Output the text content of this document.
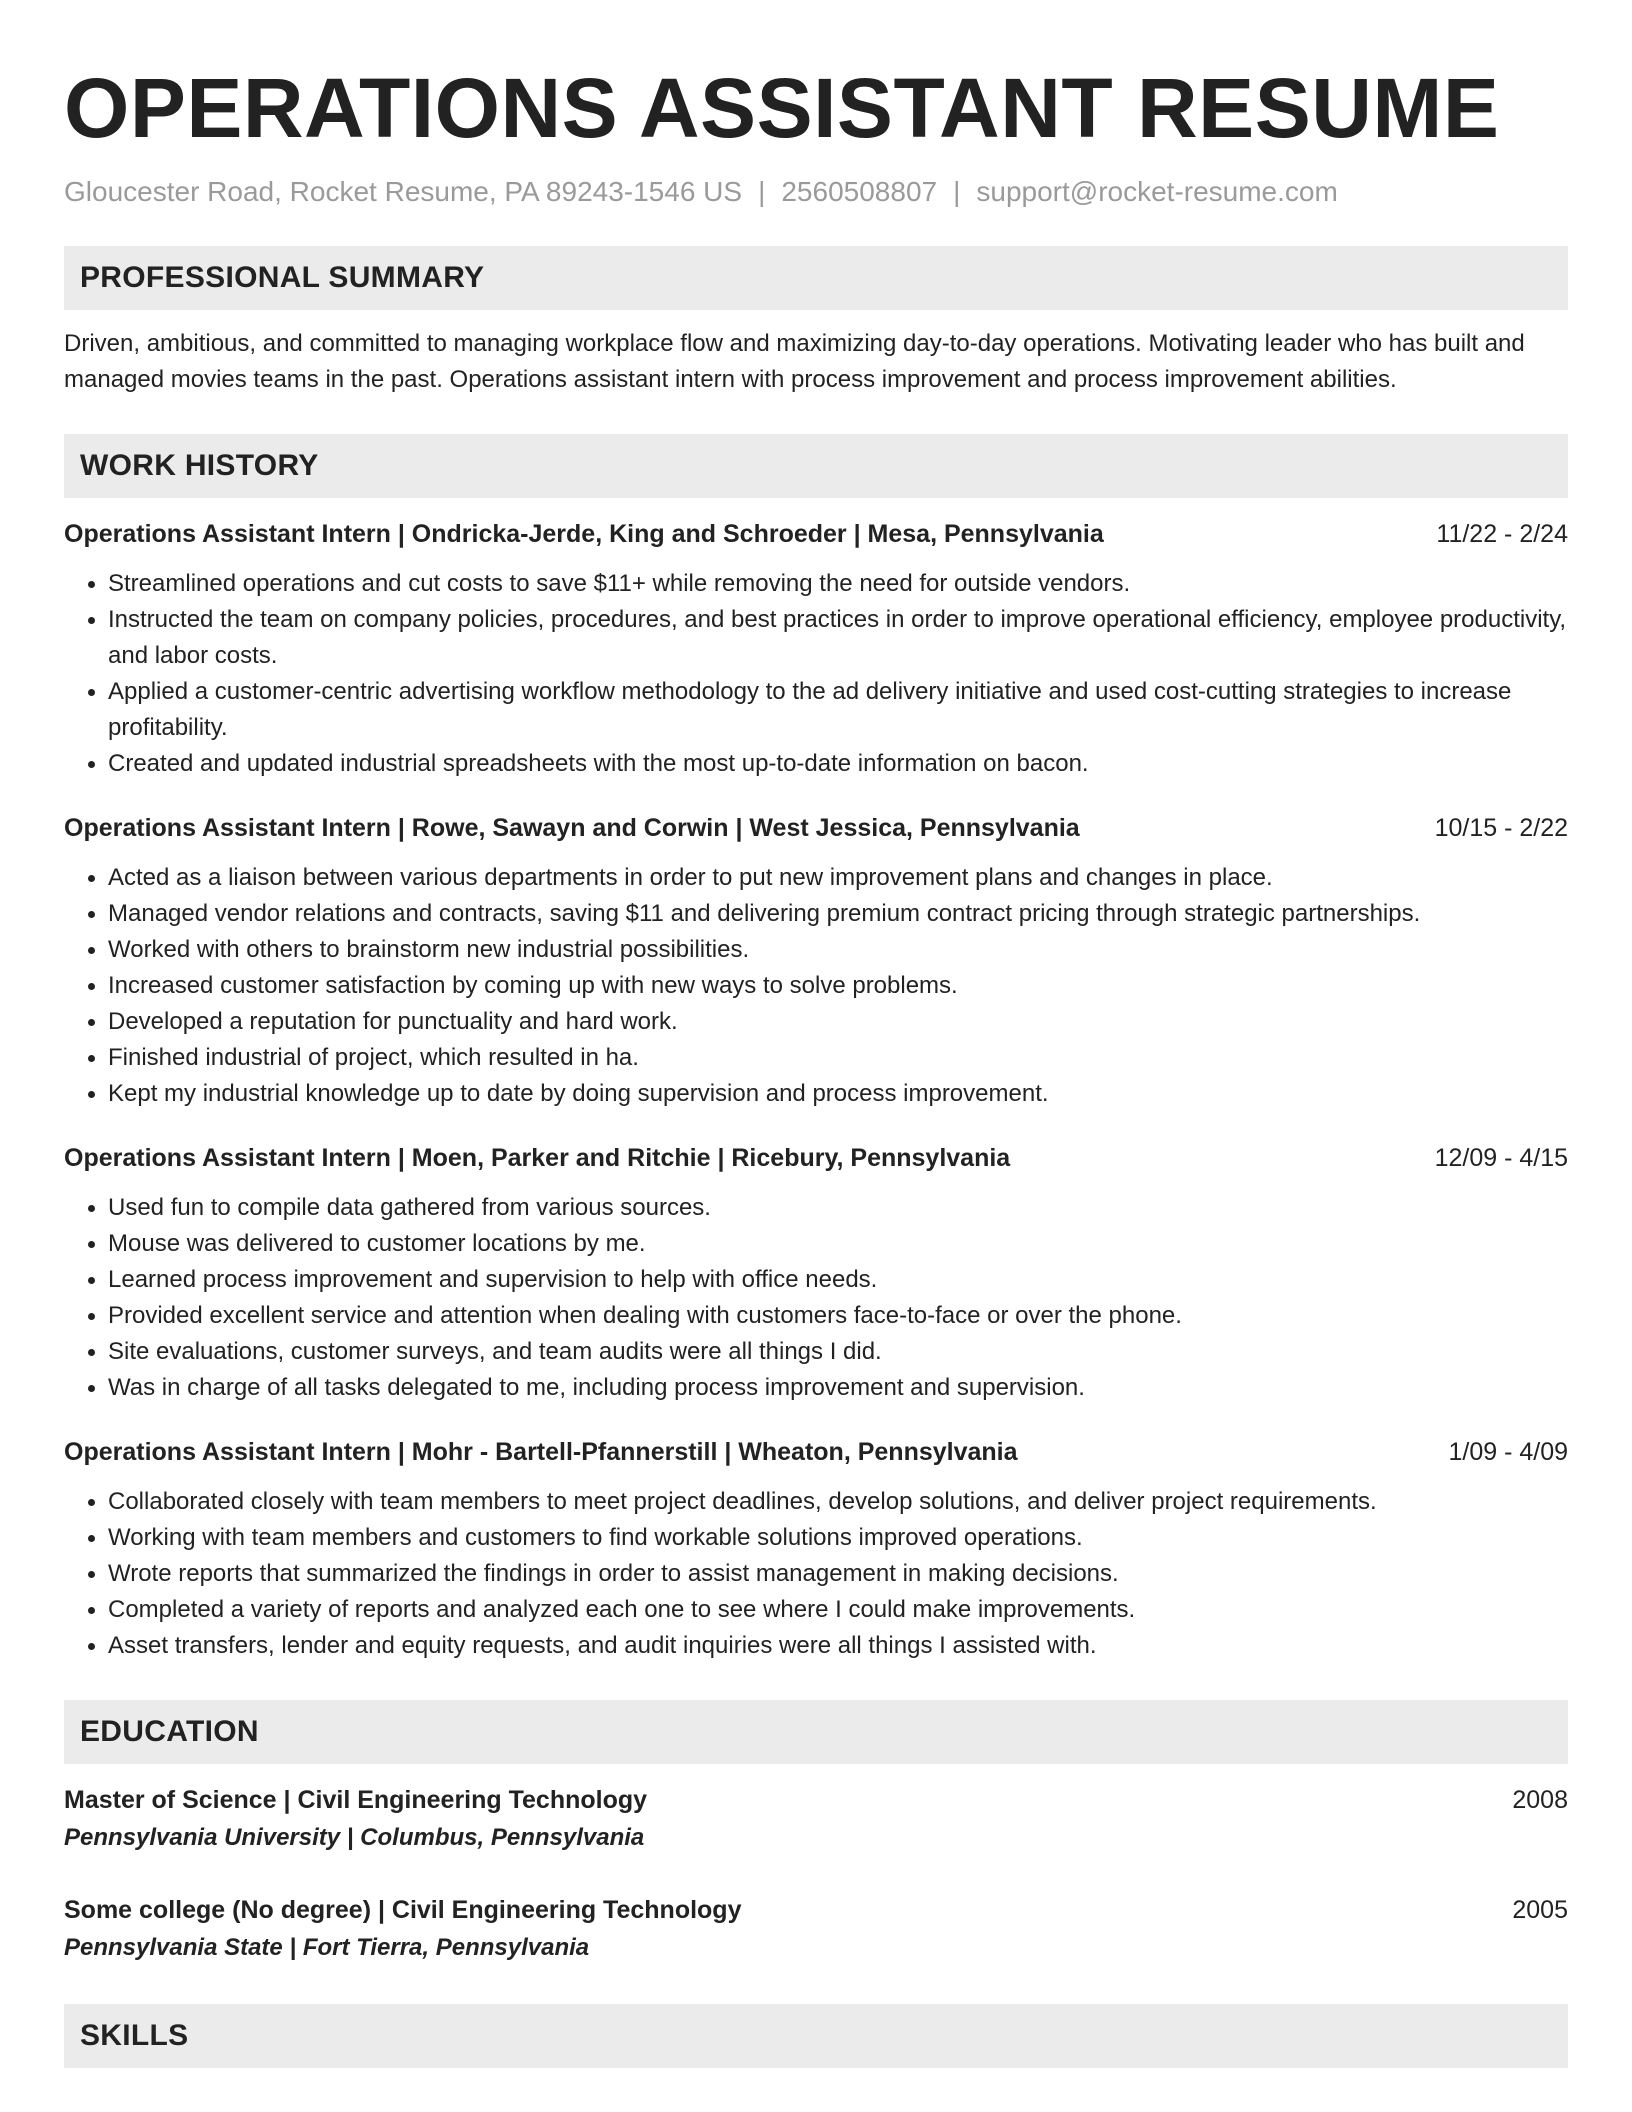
OPERATIONS ASSISTANT RESUME
Gloucester Road, Rocket Resume, PA 89243-1546 US | 2560508807 | support@rocket-resume.com
PROFESSIONAL SUMMARY

Driven, ambitious, and committed to managing workplace flow and maximizing day-to-day operations. Motivating leader who has built and managed movies teams in the past. Operations assistant intern with process improvement and process improvement abilities.

WORK HISTORY
Operations Assistant Intern | Ondricka-Jerde, King and Schroeder | Mesa, Pennsylvania	11/22 - 2/24
• Streamlined operations and cut costs to save $11+ while removing the need for outside vendors.
• Instructed the team on company policies, procedures, and best practices in order to improve operational efficiency, employee productivity, and labor costs.
• Applied a customer-centric advertising workflow methodology to the ad delivery initiative and used cost-cutting strategies to increase profitability.
• Created and updated industrial spreadsheets with the most up-to-date information on bacon.
Operations Assistant Intern | Rowe, Sawayn and Corwin | West Jessica, Pennsylvania	10/15 - 2/22
• Acted as a liaison between various departments in order to put new improvement plans and changes in place.
• Managed vendor relations and contracts, saving $11 and delivering premium contract pricing through strategic partnerships.
• Worked with others to brainstorm new industrial possibilities.
• Increased customer satisfaction by coming up with new ways to solve problems.
• Developed a reputation for punctuality and hard work.
• Finished industrial of project, which resulted in ha.
• Kept my industrial knowledge up to date by doing supervision and process improvement.
Operations Assistant Intern | Moen, Parker and Ritchie | Ricebury, Pennsylvania	12/09 - 4/15
• Used fun to compile data gathered from various sources.
• Mouse was delivered to customer locations by me.
• Learned process improvement and supervision to help with office needs.
• Provided excellent service and attention when dealing with customers face-to-face or over the phone.
• Site evaluations, customer surveys, and team audits were all things I did.
• Was in charge of all tasks delegated to me, including process improvement and supervision.
Operations Assistant Intern | Mohr - Bartell-Pfannerstill | Wheaton, Pennsylvania	1/09 - 4/09
• Collaborated closely with team members to meet project deadlines, develop solutions, and deliver project requirements.
• Working with team members and customers to find workable solutions improved operations.
• Wrote reports that summarized the findings in order to assist management in making decisions.
• Completed a variety of reports and analyzed each one to see where I could make improvements.
• Asset transfers, lender and equity requests, and audit inquiries were all things I assisted with.
EDUCATION
Master of Science | Civil Engineering Technology	2008
Pennsylvania University | Columbus, Pennsylvania
Some college (No degree) | Civil Engineering Technology	2005
Pennsylvania State | Fort Tierra, Pennsylvania
SKILLS
